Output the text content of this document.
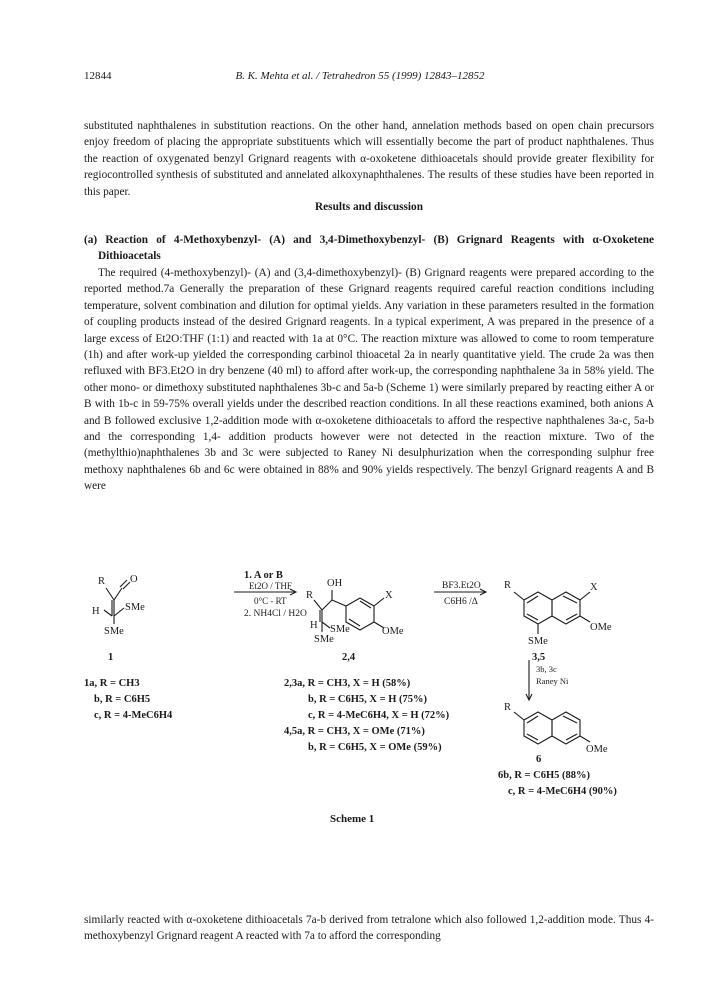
12844	B. K. Mehta et al. / Tetrahedron 55 (1999) 12843–12852

substituted naphthalenes in substitution reactions. On the other hand, annelation methods based on open chain precursors enjoy freedom of placing the appropriate substituents which will essentially become the part of product naphthalenes. Thus the reaction of oxygenated benzyl Grignard reagents with α-oxoketene dithioacetals should provide greater flexibility for regiocontrolled synthesis of substituted and annelated alkoxynaphthalenes. The results of these studies have been reported in this paper.

Results and discussion

(a) Reaction of 4-Methoxybenzyl- (A) and 3,4-Dimethoxybenzyl- (B) Grignard Reagents with α-Oxoketene Dithioacetals

The required (4-methoxybenzyl)- (A) and (3,4-dimethoxybenzyl)- (B) Grignard reagents were prepared according to the reported method.7a Generally the preparation of these Grignard reagents required careful reaction conditions including temperature, solvent combination and dilution for optimal yields. Any variation in these parameters resulted in the formation of coupling products instead of the desired Grignard reagents. In a typical experiment, A was prepared in the presence of a large excess of Et2O:THF (1:1) and reacted with 1a at 0°C. The reaction mixture was allowed to come to room temperature (1h) and after work-up yielded the corresponding carbinol thioacetal 2a in nearly quantitative yield. The crude 2a was then refluxed with BF3.Et2O in dry benzene (40 ml) to afford after work-up, the corresponding naphthalene 3a in 58% yield. The other mono- or dimethoxy substituted naphthalenes 3b-c and 5a-b (Scheme 1) were similarly prepared by reacting either A or B with 1b-c in 59-75% overall yields under the described reaction conditions. In all these reactions examined, both anions A and B followed exclusive 1,2-addition mode with α-oxoketene dithioacetals to afford the respective naphthalenes 3a-c, 5a-b and the corresponding 1,4- addition products however were not detected in the reaction mixture. Two of the (methylthio)naphthalenes 3b and 3c were subjected to Raney Ni desulphurization when the corresponding sulphur free methoxy naphthalenes 6b and 6c were obtained in 88% and 90% yields respectively. The benzyl Grignard reagents A and B were

R O
H SMe
SMe
1. A or B
Et2O / THF
0°C - RT
2. NH4Cl / H2O
R
OH
X
H SMe
SMe
OMe
BF3.Et2O
C6H6 /Δ
R	X
OMe
SMe
3b, 3c
Raney Ni
R
OMe
1	2,4	3,5
6
1a, R = CH3
b, R = C6H5
c, R = 4-MeC6H4
2,3a, R = CH3, X = H (58%)
b, R = C6H5, X = H (75%)
c, R = 4-MeC6H4, X = H (72%)
4,5a, R = CH3, X = OMe (71%)
b, R = C6H5, X = OMe (59%)
6b, R = C6H5 (88%)
c, R = 4-MeC6H4 (90%)
Scheme 1

similarly reacted with α-oxoketene dithioacetals 7a-b derived from tetralone which also followed 1,2-addition mode. Thus 4-methoxybenzyl Grignard reagent A reacted with 7a to afford the corresponding
